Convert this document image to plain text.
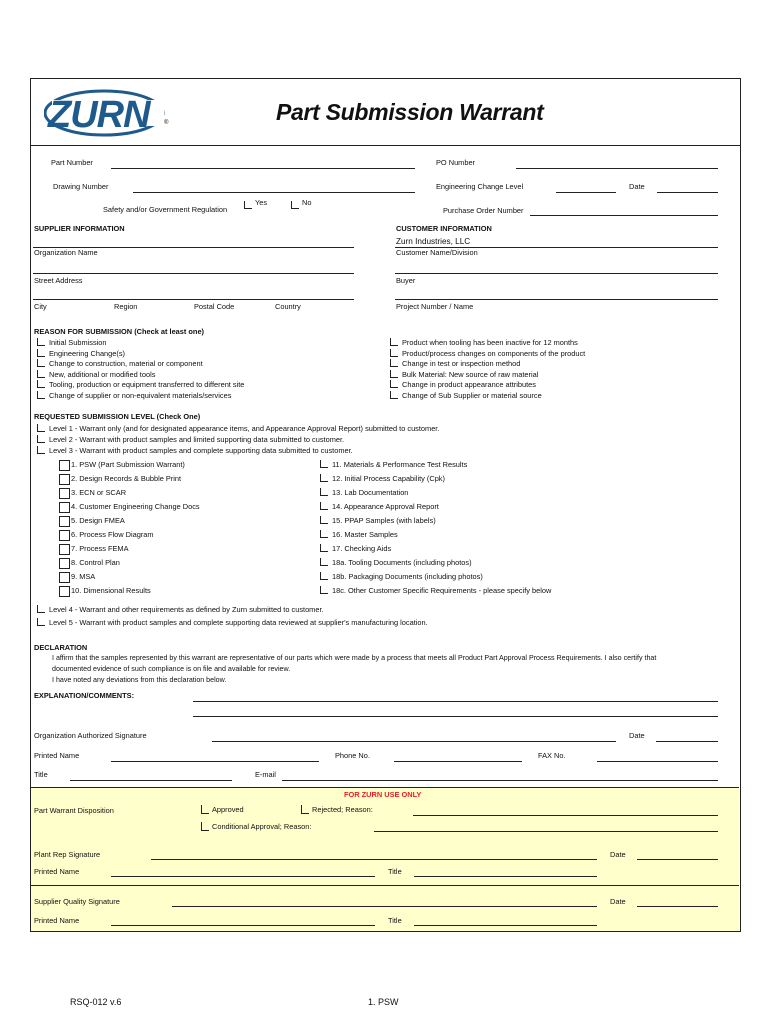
ZURN ®	Part Submission Warrant
Part Number	PO Number
Drawing Number	Engineering Change Level	Date
Yes	No
Safety and/or Government Regulation	Purchase Order Number
SUPPLIER INFORMATION	CUSTOMER INFORMATION
Zurn Industries, LLC
Organization Name	Customer Name/Division
Street Address	Buyer
City	Region	Postal Code	Country	Project Number / Name
REASON FOR SUBMISSION (Check at least one)
Initial Submission
Engineering Change(s)
Change to construction, material or component
New, additional or modified tools
Tooling, production or equipment transferred to different site
Change of supplier or non-equivalent materials/services
Product when tooling has been inactive for 12 months
Product/process changes on components of the product
Change in test or inspection method
Bulk Material: New source of raw material
Change in product appearance attributes
Change of Sub Supplier or material source
REQUESTED SUBMISSION LEVEL (Check One)
Level 1 - Warrant only (and for designated appearance items, and Appearance Approval Report) submitted to customer.
Level 2 - Warrant with product samples and limited supporting data submitted to customer.
Level 3 - Warrant with product samples and complete supporting data submitted to customer.
1. PSW (Part Submission Warrant)
2. Design Records & Bubble Print
3. ECN or SCAR
4. Customer Engineering Change Docs
5. Design FMEA
6. Process Flow Diagram
7. Process FEMA
8. Control Plan
9. MSA
10. Dimensional Results
11. Materials & Performance Test Results
12. Initial Process Capability (Cpk)
13. Lab Documentation
14. Appearance Approval Report
15. PPAP Samples (with labels)
16. Master Samples
17. Checking Aids
18a. Tooling Documents (including photos)
18b. Packaging Documents (including photos)
18c. Other Customer Specific Requirements - please specify below
Level 4 - Warrant and other requirements as defined by Zurn submitted to customer.
Level 5 - Warrant with product samples and complete supporting data reviewed at supplier's manufacturing location.
DECLARATION
I affirm that the samples represented by this warrant are representative of our parts which were made by a process that meets all Product Part Approval Process Requirements. I also certify that
documented evidence of such compliance is on file and available for review.
I have noted any deviations from this declaration below.
EXPLANATION/COMMENTS:
Organization Authorized Signature	Date
Printed Name	Phone No.	FAX No.
Title	E-mail
FOR ZURN USE ONLY
Part Warrant Disposition	Approved	Rejected; Reason:
Conditional Approval; Reason:
Plant Rep Signature	Date
Printed Name	Title
Supplier Quality Signature	Date
Printed Name	Title
RSQ-012 v.6	1. PSW
